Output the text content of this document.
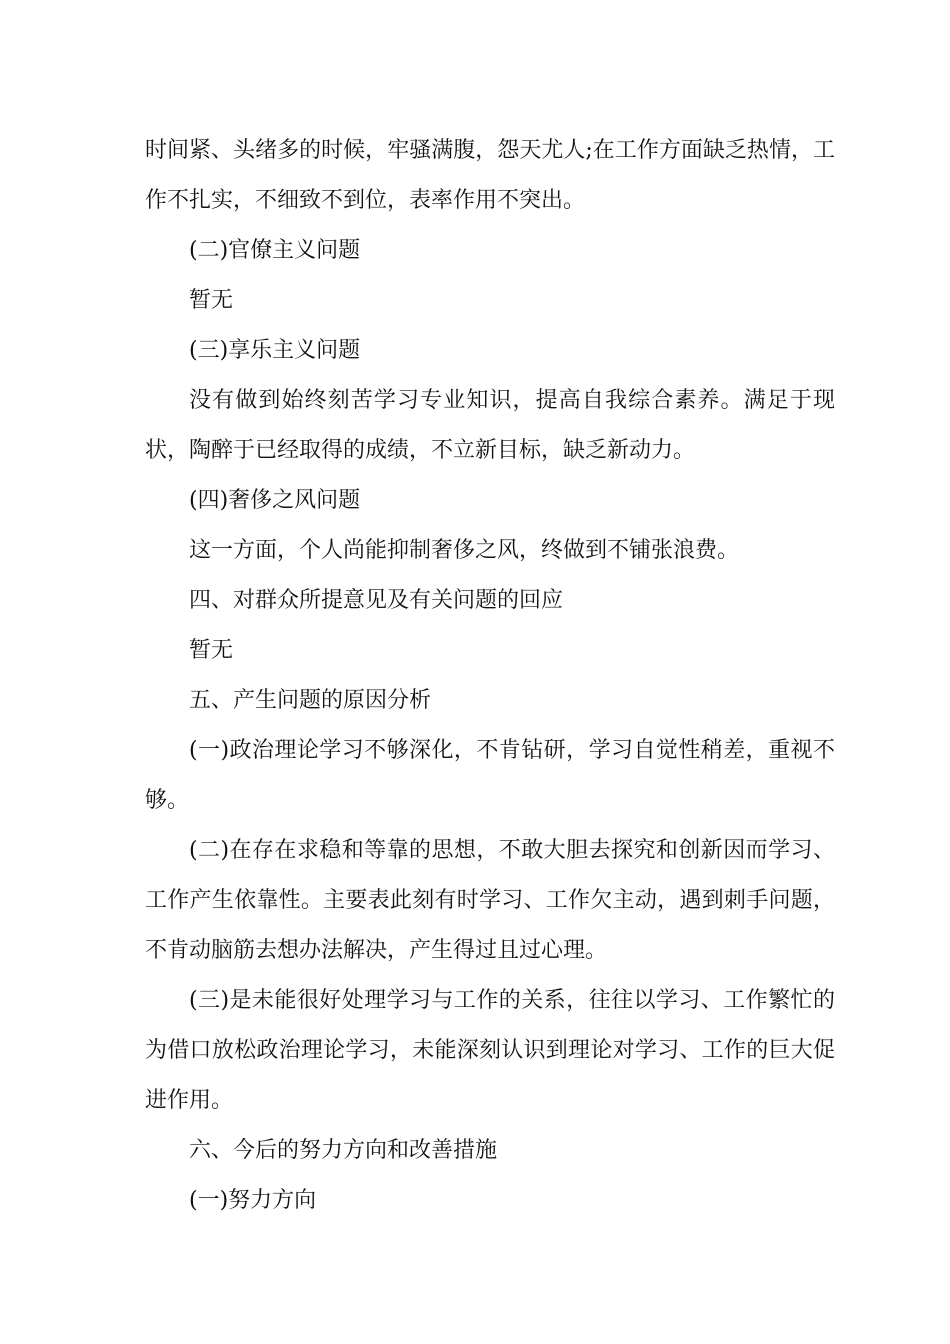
时间紧、头绪多的时候，牢骚满腹，怨天尤人;在工作方面缺乏热情，工作不扎实，不细致不到位，表率作用不突出。

(二)官僚主义问题

暂无

(三)享乐主义问题

没有做到始终刻苦学习专业知识，提高自我综合素养。满足于现状，陶醉于已经取得的成绩，不立新目标，缺乏新动力。

(四)奢侈之风问题

这一方面，个人尚能抑制奢侈之风，终做到不铺张浪费。

四、对群众所提意见及有关问题的回应

暂无

五、产生问题的原因分析

(一)政治理论学习不够深化，不肯钻研，学习自觉性稍差，重视不够。

(二)在存在求稳和等靠的思想，不敢大胆去探究和创新因而学习、工作产生依靠性。主要表此刻有时学习、工作欠主动，遇到刺手问题，不肯动脑筋去想办法解决，产生得过且过心理。

(三)是未能很好处理学习与工作的关系，往往以学习、工作繁忙的为借口放松政治理论学习，未能深刻认识到理论对学习、工作的巨大促进作用。

六、今后的努力方向和改善措施

(一)努力方向
